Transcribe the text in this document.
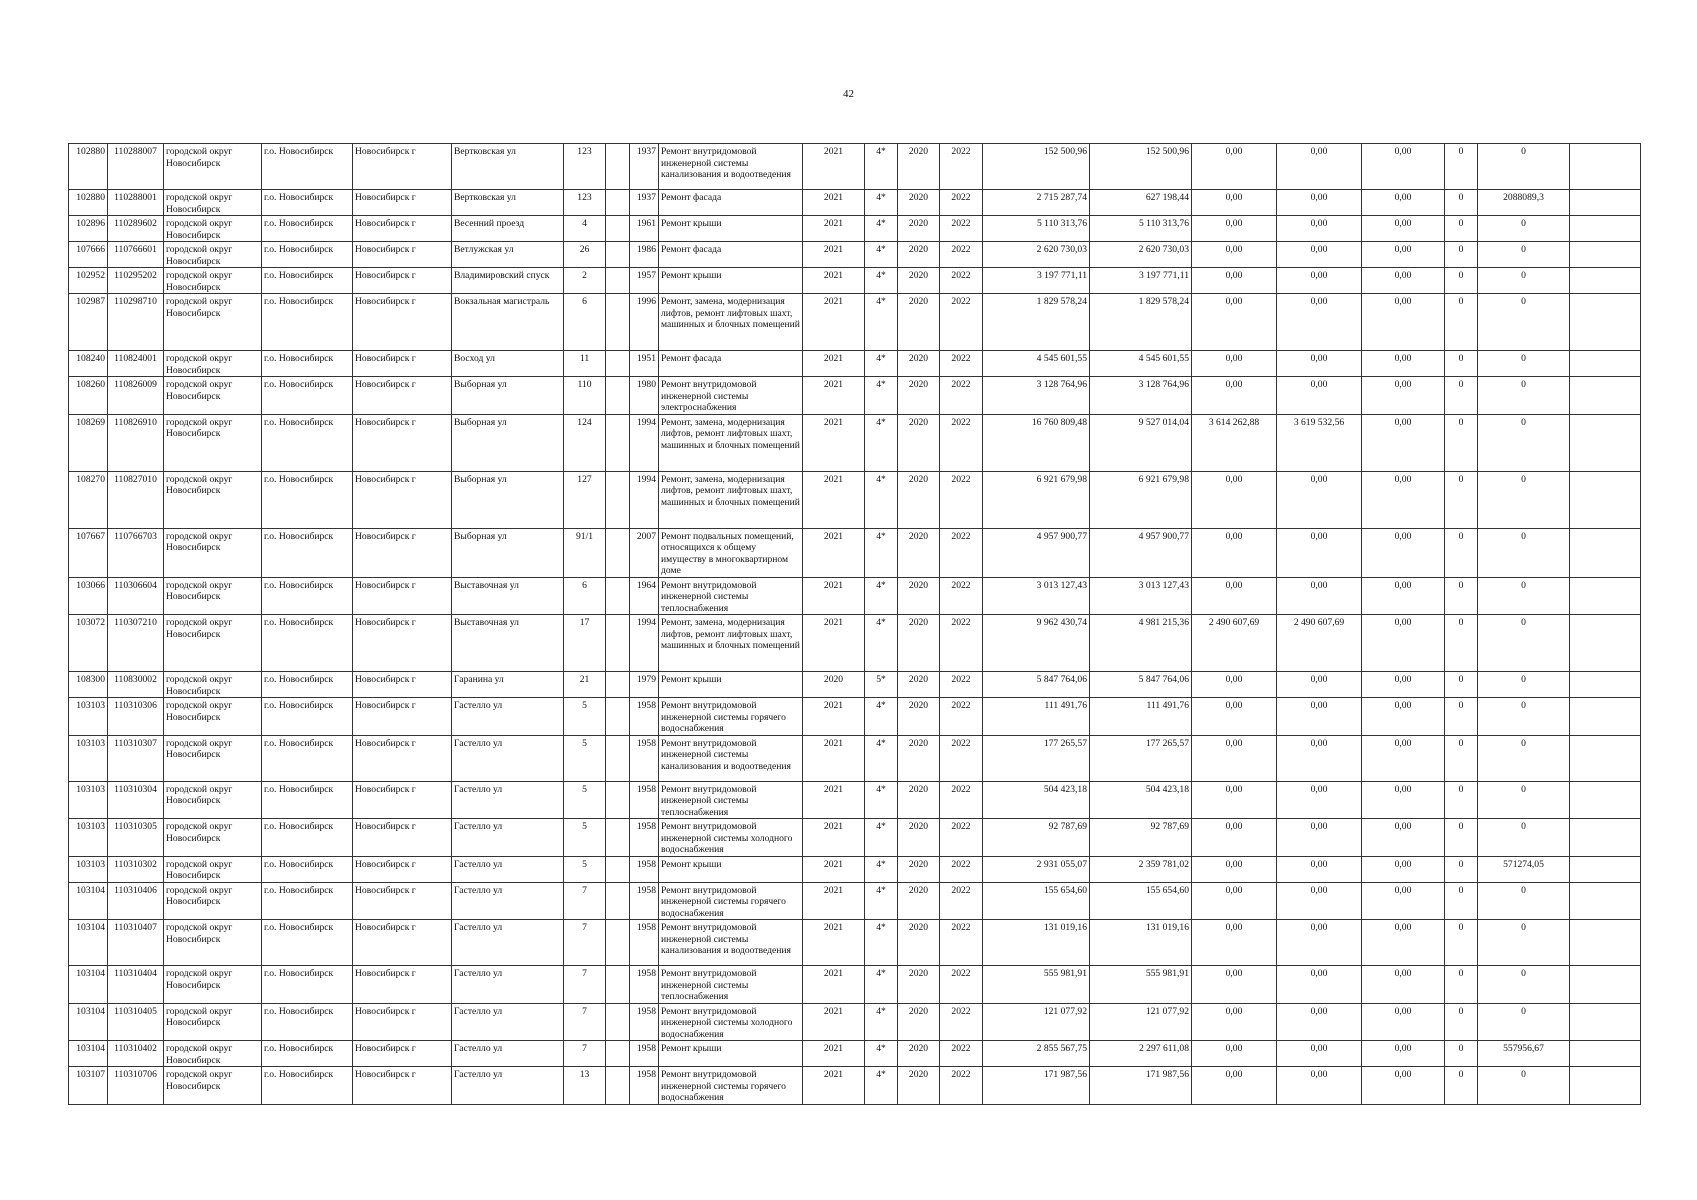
42
102880	110288007	городской округ Новосибирск	г.о. Новосибирск	Новосибирск г	Вертковская ул	123		1937	Ремонт внутридомовой инженерной системы канализования и водоотведения	2021	4*	2020	2022	152 500,96	152 500,96	0,00	0,00	0,00	0	0	
102880	110288001	городской округ Новосибирск	г.о. Новосибирск	Новосибирск г	Вертковская ул	123		1937	Ремонт фасада	2021	4*	2020	2022	2 715 287,74	627 198,44	0,00	0,00	0,00	0	2088089,3	
102896	110289602	городской округ Новосибирск	г.о. Новосибирск	Новосибирск г	Весенний проезд	4		1961	Ремонт крыши	2021	4*	2020	2022	5 110 313,76	5 110 313,76	0,00	0,00	0,00	0	0	
107666	110766601	городской округ Новосибирск	г.о. Новосибирск	Новосибирск г	Ветлужская ул	26		1986	Ремонт фасада	2021	4*	2020	2022	2 620 730,03	2 620 730,03	0,00	0,00	0,00	0	0	
102952	110295202	городской округ Новосибирск	г.о. Новосибирск	Новосибирск г	Владимировский спуск	2		1957	Ремонт крыши	2021	4*	2020	2022	3 197 771,11	3 197 771,11	0,00	0,00	0,00	0	0	
102987	110298710	городской округ Новосибирск	г.о. Новосибирск	Новосибирск г	Вокзальная магистраль	6		1996	Ремонт, замена, модернизация лифтов, ремонт лифтовых шахт, машинных и блочных помещений	2021	4*	2020	2022	1 829 578,24	1 829 578,24	0,00	0,00	0,00	0	0	
108240	110824001	городской округ Новосибирск	г.о. Новосибирск	Новосибирск г	Восход ул	11		1951	Ремонт фасада	2021	4*	2020	2022	4 545 601,55	4 545 601,55	0,00	0,00	0,00	0	0	
108260	110826009	городской округ Новосибирск	г.о. Новосибирск	Новосибирск г	Выборная ул	110		1980	Ремонт внутридомовой инженерной системы электроснабжения	2021	4*	2020	2022	3 128 764,96	3 128 764,96	0,00	0,00	0,00	0	0	
108269	110826910	городской округ Новосибирск	г.о. Новосибирск	Новосибирск г	Выборная ул	124		1994	Ремонт, замена, модернизация лифтов, ремонт лифтовых шахт, машинных и блочных помещений	2021	4*	2020	2022	16 760 809,48	9 527 014,04	3 614 262,88	3 619 532,56	0,00	0	0	
108270	110827010	городской округ Новосибирск	г.о. Новосибирск	Новосибирск г	Выборная ул	127		1994	Ремонт, замена, модернизация лифтов, ремонт лифтовых шахт, машинных и блочных помещений	2021	4*	2020	2022	6 921 679,98	6 921 679,98	0,00	0,00	0,00	0	0	
107667	110766703	городской округ Новосибирск	г.о. Новосибирск	Новосибирск г	Выборная ул	91/1		2007	Ремонт подвальных помещений, относящихся к общему имуществу в многоквартирном доме	2021	4*	2020	2022	4 957 900,77	4 957 900,77	0,00	0,00	0,00	0	0	
103066	110306604	городской округ Новосибирск	г.о. Новосибирск	Новосибирск г	Выставочная ул	6		1964	Ремонт внутридомовой инженерной системы теплоснабжения	2021	4*	2020	2022	3 013 127,43	3 013 127,43	0,00	0,00	0,00	0	0	
103072	110307210	городской округ Новосибирск	г.о. Новосибирск	Новосибирск г	Выставочная ул	17		1994	Ремонт, замена, модернизация лифтов, ремонт лифтовых шахт, машинных и блочных помещений	2021	4*	2020	2022	9 962 430,74	4 981 215,36	2 490 607,69	2 490 607,69	0,00	0	0	
108300	110830002	городской округ Новосибирск	г.о. Новосибирск	Новосибирск г	Гаранина ул	21		1979	Ремонт крыши	2020	5*	2020	2022	5 847 764,06	5 847 764,06	0,00	0,00	0,00	0	0	
103103	110310306	городской округ Новосибирск	г.о. Новосибирск	Новосибирск г	Гастелло ул	5		1958	Ремонт внутридомовой инженерной системы горячего водоснабжения	2021	4*	2020	2022	111 491,76	111 491,76	0,00	0,00	0,00	0	0	
103103	110310307	городской округ Новосибирск	г.о. Новосибирск	Новосибирск г	Гастелло ул	5		1958	Ремонт внутридомовой инженерной системы канализования и водоотведения	2021	4*	2020	2022	177 265,57	177 265,57	0,00	0,00	0,00	0	0	
103103	110310304	городской округ Новосибирск	г.о. Новосибирск	Новосибирск г	Гастелло ул	5		1958	Ремонт внутридомовой инженерной системы теплоснабжения	2021	4*	2020	2022	504 423,18	504 423,18	0,00	0,00	0,00	0	0	
103103	110310305	городской округ Новосибирск	г.о. Новосибирск	Новосибирск г	Гастелло ул	5		1958	Ремонт внутридомовой инженерной системы холодного водоснабжения	2021	4*	2020	2022	92 787,69	92 787,69	0,00	0,00	0,00	0	0	
103103	110310302	городской округ Новосибирск	г.о. Новосибирск	Новосибирск г	Гастелло ул	5		1958	Ремонт крыши	2021	4*	2020	2022	2 931 055,07	2 359 781,02	0,00	0,00	0,00	0	571274,05	
103104	110310406	городской округ Новосибирск	г.о. Новосибирск	Новосибирск г	Гастелло ул	7		1958	Ремонт внутридомовой инженерной системы горячего водоснабжения	2021	4*	2020	2022	155 654,60	155 654,60	0,00	0,00	0,00	0	0	
103104	110310407	городской округ Новосибирск	г.о. Новосибирск	Новосибирск г	Гастелло ул	7		1958	Ремонт внутридомовой инженерной системы канализования и водоотведения	2021	4*	2020	2022	131 019,16	131 019,16	0,00	0,00	0,00	0	0	
103104	110310404	городской округ Новосибирск	г.о. Новосибирск	Новосибирск г	Гастелло ул	7		1958	Ремонт внутридомовой инженерной системы теплоснабжения	2021	4*	2020	2022	555 981,91	555 981,91	0,00	0,00	0,00	0	0	
103104	110310405	городской округ Новосибирск	г.о. Новосибирск	Новосибирск г	Гастелло ул	7		1958	Ремонт внутридомовой инженерной системы холодного водоснабжения	2021	4*	2020	2022	121 077,92	121 077,92	0,00	0,00	0,00	0	0	
103104	110310402	городской округ Новосибирск	г.о. Новосибирск	Новосибирск г	Гастелло ул	7		1958	Ремонт крыши	2021	4*	2020	2022	2 855 567,75	2 297 611,08	0,00	0,00	0,00	0	557956,67	
103107	110310706	городской округ Новосибирск	г.о. Новосибирск	Новосибирск г	Гастелло ул	13		1958	Ремонт внутридомовой инженерной системы горячего водоснабжения	2021	4*	2020	2022	171 987,56	171 987,56	0,00	0,00	0,00	0	0	
